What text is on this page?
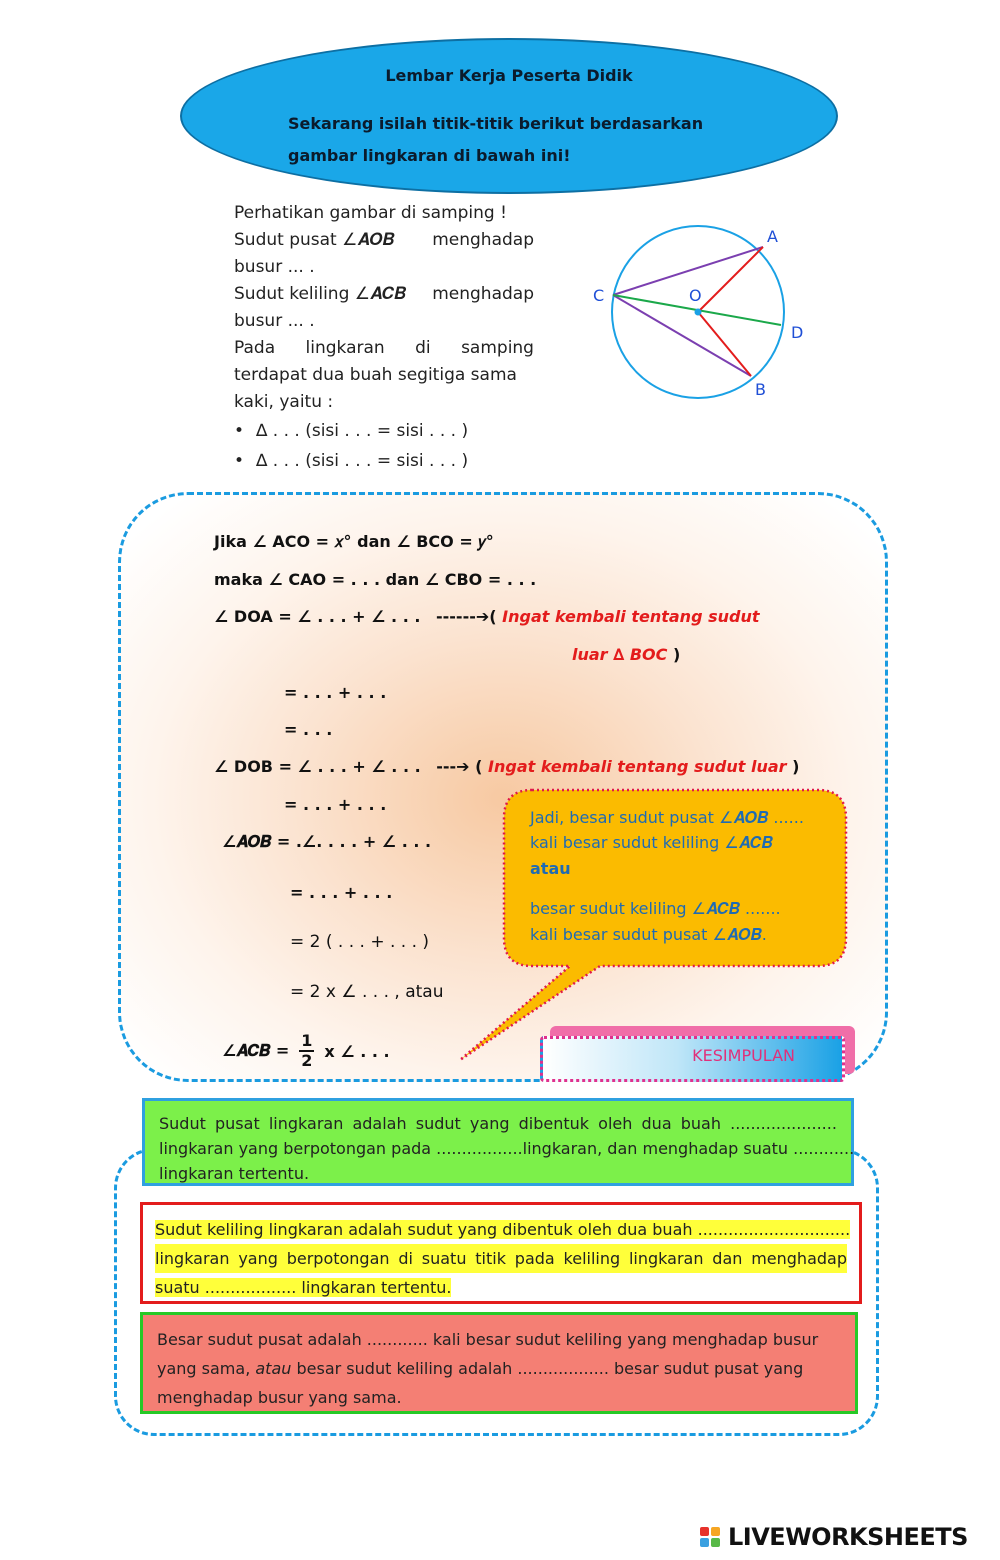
Lembar Kerja Peserta Didik
Sekarang isilah titik-titik berikut berdasarkan
gambar lingkaran di bawah ini!
Perhatikan gambar di samping !
Sudut pusat ∠𝑨𝑶𝑩 menghadap
busur ... .
Sudut keliling ∠𝑨𝑪𝑩 menghadap
busur ... .
Pada lingkaran di samping
terdapat dua buah segitiga sama
kaki, yaitu :
• ∆ . . . (sisi . . . = sisi . . . )
• ∆ . . . (sisi . . . = sisi . . . )
A
B
C
D
O
Jika ∠ ACO = 𝑥° dan ∠ BCO = 𝑦°
maka ∠ CAO = . . . dan ∠ CBO = . . .
∠ DOA = ∠ . . . + ∠ . . . ------➔( Ingat kembali tentang sudut
luar ∆ BOC )
= . . . + . . .
= . . .
∠ DOB = ∠ . . . + ∠ . . . ---➔ ( Ingat kembali tentang sudut luar )
= . . . + . . .
∠𝑨𝑶𝑩 = .∠. . . . + ∠ . . .
= . . . + . . .
= 2 ( . . . + . . . )
= 2 x ∠ . . . , atau
∠𝑨𝑪𝑩 = $\frac{1}{2}$ x ∠ . . .
Jadi, besar sudut pusat ∠𝑨𝑶𝑩 ......
kali besar sudut keliling ∠𝑨𝑪𝑩
atau
besar sudut keliling ∠𝑨𝑪𝑩 .......
kali besar sudut pusat ∠𝑨𝑶𝑩.
KESIMPULAN
Sudut pusat lingkaran adalah sudut yang dibentuk oleh dua buah .....................
lingkaran yang berpotongan pada .................lingkaran, dan menghadap suatu ............
lingkaran tertentu.
Sudut keliling lingkaran adalah sudut yang dibentuk oleh dua buah ..............................
lingkaran yang berpotongan di suatu titik pada keliling lingkaran dan menghadap
suatu .................. lingkaran tertentu.
Besar sudut pusat adalah ............ kali besar sudut keliling yang menghadap busur
yang sama, atau besar sudut keliling adalah .................. besar sudut pusat yang
menghadap busur yang sama.
LIVEWORKSHEETS
